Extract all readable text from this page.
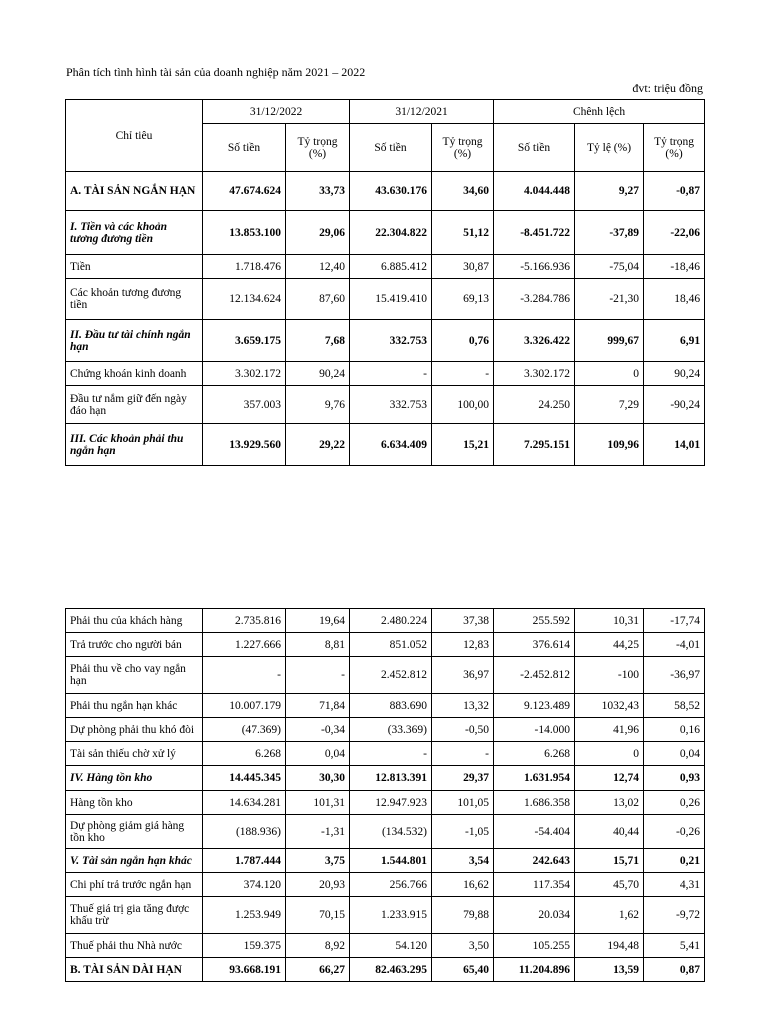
Phân tích tình hình tài sản của doanh nghiệp năm 2021 – 2022
đvt: triệu đồng
Chỉ tiêu	31/12/2022		31/12/2021		Chênh lệch		
	Số tiền	Tỷ trọng (%)	Số tiền	Tỷ trọng (%)	Số tiền	Tỷ lệ (%)	Tỷ trọng (%)
A. TÀI SẢN NGẮN HẠN	47.674.624	33,73	43.630.176	34,60	4.044.448	9,27	-0,87
I. Tiền và các khoản tương đương tiền	13.853.100	29,06	22.304.822	51,12	-8.451.722	-37,89	-22,06
Tiền	1.718.476	12,40	6.885.412	30,87	-5.166.936	-75,04	-18,46
Các khoản tương đương tiền	12.134.624	87,60	15.419.410	69,13	-3.284.786	-21,30	18,46
II. Đầu tư tài chính ngắn hạn	3.659.175	7,68	332.753	0,76	3.326.422	999,67	6,91
Chứng khoán kinh doanh	3.302.172	90,24	-	-	3.302.172	0	90,24
Đầu tư nắm giữ đến ngày đáo hạn	357.003	9,76	332.753	100,00	24.250	7,29	-90,24
III. Các khoản phải thu ngắn hạn	13.929.560	29,22	6.634.409	15,21	7.295.151	109,96	14,01
Phải thu của khách hàng	2.735.816	19,64	2.480.224	37,38	255.592	10,31	-17,74
Trả trước cho người bán	1.227.666	8,81	851.052	12,83	376.614	44,25	-4,01
Phải thu về cho vay ngắn hạn	-	-	2.452.812	36,97	-2.452.812	-100	-36,97
Phải thu ngắn hạn khác	10.007.179	71,84	883.690	13,32	9.123.489	1032,43	58,52
Dự phòng phải thu khó đòi	(47.369)	-0,34	(33.369)	-0,50	-14.000	41,96	0,16
Tài sản thiếu chờ xử lý	6.268	0,04	-	-	6.268	0	0,04
IV. Hàng tồn kho	14.445.345	30,30	12.813.391	29,37	1.631.954	12,74	0,93
Hàng tồn kho	14.634.281	101,31	12.947.923	101,05	1.686.358	13,02	0,26
Dự phòng giảm giá hàng tồn kho	(188.936)	-1,31	(134.532)	-1,05	-54.404	40,44	-0,26
V. Tài sản ngắn hạn khác	1.787.444	3,75	1.544.801	3,54	242.643	15,71	0,21
Chi phí trả trước ngắn hạn	374.120	20,93	256.766	16,62	117.354	45,70	4,31
Thuế giá trị gia tăng được khấu trừ	1.253.949	70,15	1.233.915	79,88	20.034	1,62	-9,72
Thuế phải thu Nhà nước	159.375	8,92	54.120	3,50	105.255	194,48	5,41
B. TÀI SẢN DÀI HẠN	93.668.191	66,27	82.463.295	65,40	11.204.896	13,59	0,87
